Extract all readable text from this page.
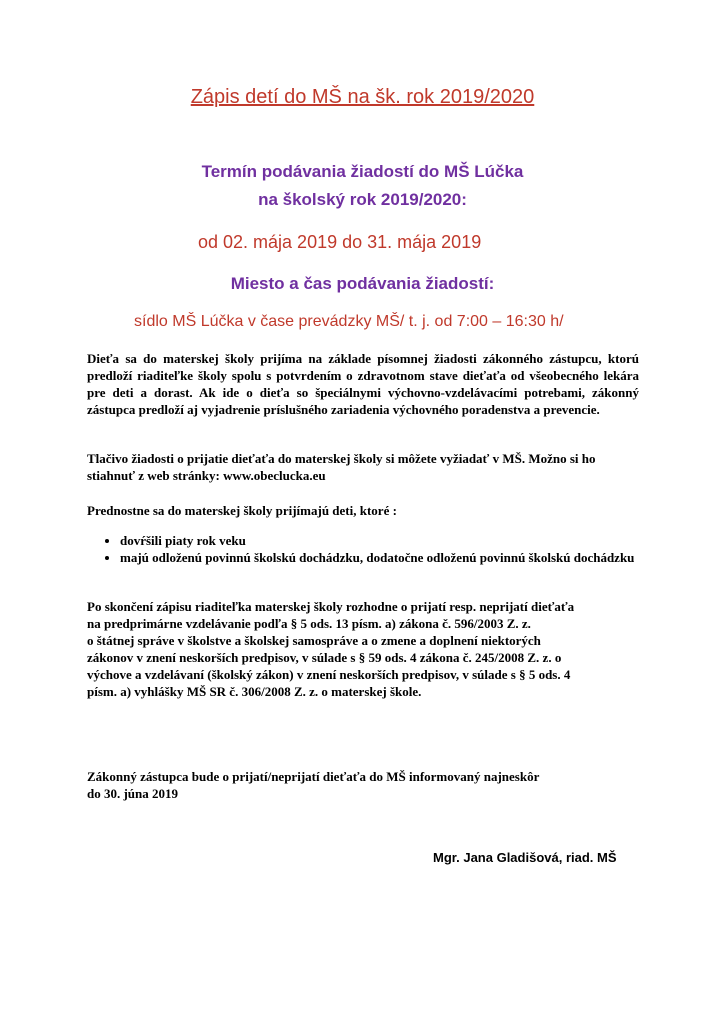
Zápis detí do MŠ na šk. rok 2019/2020
Termín podávania žiadostí do MŠ Lúčka
na školský rok 2019/2020:
od 02. mája 2019 do 31. mája 2019
Miesto a čas podávania žiadostí:
sídlo MŠ Lúčka v čase prevádzky MŠ/ t. j. od 7:00 – 16:30 h/
Dieťa sa do materskej školy prijíma na základe písomnej žiadosti zákonného zástupcu, ktorú predloží riaditeľke školy spolu s potvrdením o zdravotnom stave dieťaťa od všeobecného lekára pre deti a dorast. Ak ide o dieťa so špeciálnymi výchovno-vzdelávacími potrebami, zákonný zástupca predloží aj vyjadrenie príslušného zariadenia výchovného poradenstva a prevencie.
Tlačivo žiadosti o prijatie dieťaťa do materskej školy si môžete vyžiadať v MŠ. Možno si ho stiahnuť z web stránky: www.obeclucka.eu
Prednostne sa do materskej školy prijímajú deti, ktoré :
• dovŕšili piaty rok veku
• majú odloženú povinnú školskú dochádzku, dodatočne odloženú povinnú školskú dochádzku
Po skončení zápisu riaditeľka materskej školy rozhodne o prijatí resp. neprijatí dieťaťa
na predprimárne vzdelávanie podľa § 5 ods. 13 písm. a) zákona č. 596/2003 Z. z.
o štátnej správe v školstve a školskej samospráve a o zmene a doplnení niektorých
zákonov v znení neskorších predpisov, v súlade s § 59 ods. 4 zákona č. 245/2008 Z. z. o
výchove a vzdelávaní (školský zákon) v znení neskorších predpisov, v súlade s § 5 ods. 4
písm. a) vyhlášky MŠ SR č. 306/2008 Z. z. o materskej škole.
Zákonný zástupca bude o prijatí/neprijatí dieťaťa do MŠ informovaný najneskôr
do 30. júna 2019
Mgr. Jana Gladišová, riad. MŠ
